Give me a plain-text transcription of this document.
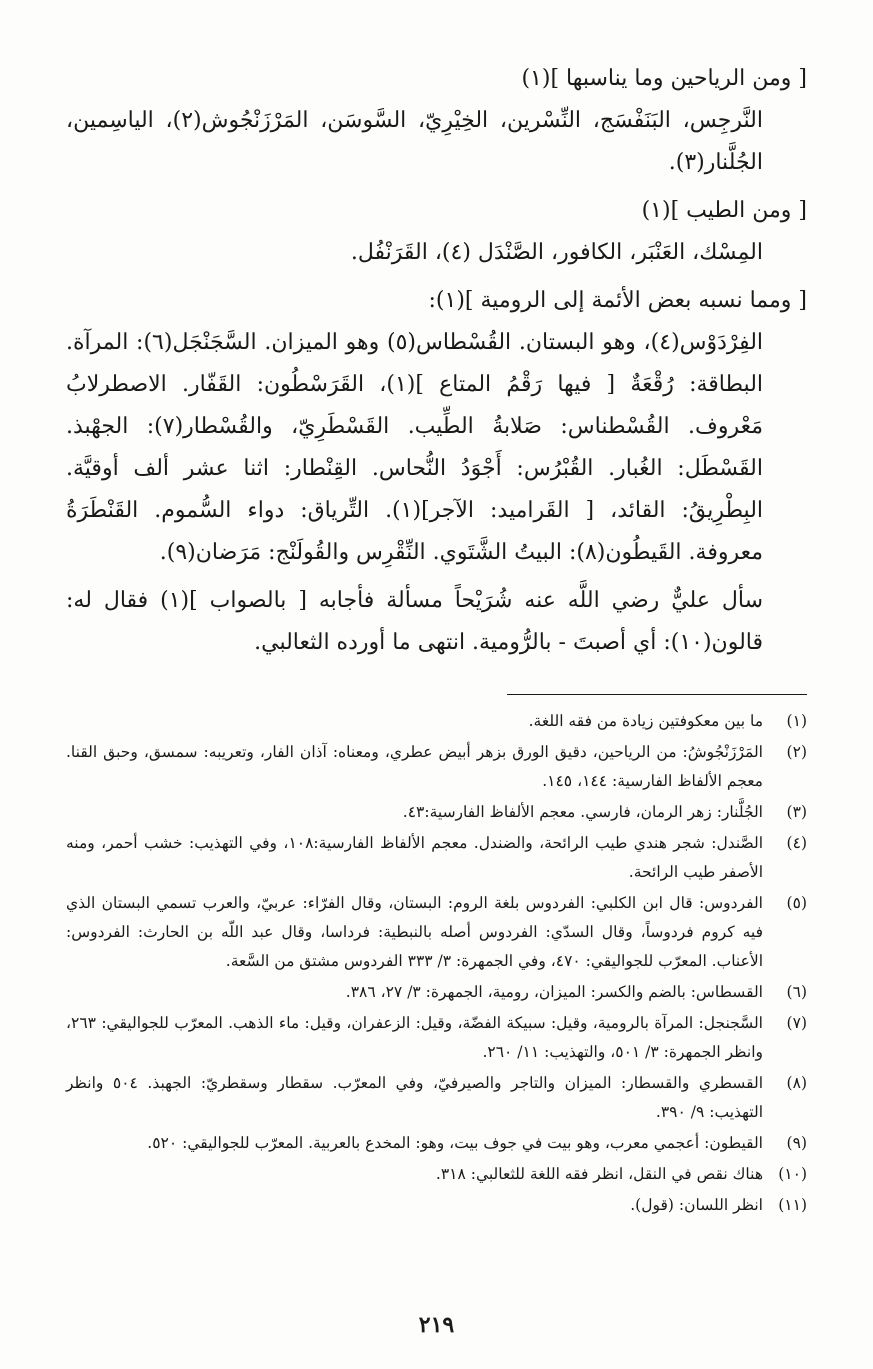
[ ومن الرياحين وما يناسبها ](١)

النَّرجِس، البَنَفْسَج، النِّسْرين، الخِيْرِيّ، السَّوسَن، المَرْزَنْجُوش(٢)، الياسِمين، الجُلَّنار(٣).

[ ومن الطيب ](١)

المِسْك، العَنْبَر، الكافور، الصَّنْدَل (٤)، القَرَنْفُل.

[ ومما نسبه بعض الأئمة إلى الرومية ](١):

الفِرْدَوْس(٤)، وهو البستان. القُسْطاس(٥) وهو الميزان. السَّجَنْجَل(٦): المرآة. البطاقة: رُقْعَةٌ [ فيها رَقْمُ المتاع ](١)، القَرَسْطُون: القَفّار. الاصطرلابُ مَعْروف. القُسْطناس: صَلابةُ الطِّيب. القَسْطَرِيّ، والقُسْطار(٧): الجهْبذ. القَسْطَل: الغُبار. القُبْرُس: أَجْوَدُ النُّحاس. القِنْطار: اثنا عشر ألف أوقيَّة. البِطْرِيقُ: القائد، [ القَراميد: الآجر](١). التِّرياق: دواء السُّموم. القَنْطَرَةُ معروفة. القَيطُون(٨): البيتُ الشَّتَوي. النِّقْرِس والقُولَنْج: مَرَضان(٩).

سأل عليٌّ رضي اللَّه عنه شُرَيْحاً مسألة فأجابه [ بالصواب ](١) فقال له: قالون(١٠): أي أصبتَ - بالرُّومية. انتهى ما أورده الثعالبي.

(١)
ما بين معكوفتين زيادة من فقه اللغة.
(٢)
المَرْزَنْجُوشُ: من الرياحين، دقيق الورق بزهر أبيض عطري، ومعناه: آذان الفار، وتعريبه: سمسق، وحبق القنا. معجم الألفاظ الفارسية: ١٤٤، ١٤٥.
(٣)
الجُلَّنار: زهر الرمان، فارسي. معجم الألفاظ الفارسية:٤٣.
(٤)
الصَّندل: شجر هندي طيب الرائحة، والضندل. معجم الألفاظ الفارسية:١٠٨، وفي التهذيب: خشب أحمر، ومنه الأصفر طيب الرائحة.
(٥)
الفردوس: قال ابن الكلبي: الفردوس بلغة الروم: البستان، وقال الفرّاء: عربيّ، والعرب تسمي البستان الذي فيه كروم فردوساً، وقال السدّي: الفردوس أصله بالنبطية: فرداسا، وقال عبد اللّه بن الحارث: الفردوس: الأعناب. المعرّب للجواليقي: ٤٧٠، وفي الجمهرة: ٣/ ٣٣٣ الفردوس مشتق من السَّعة.
(٦)
القسطاس: بالضم والكسر: الميزان، رومية، الجمهرة: ٣/ ٢٧، ٣٨٦.
(٧)
السَّجنجل: المرآة بالرومية، وقيل: سبيكة الفضّة، وقيل: الزعفران، وقيل: ماء الذهب. المعرّب للجواليقي: ٢٦٣، وانظر الجمهرة: ٣/ ٥٠١، والتهذيب: ١١/ ٢٦٠.
(٨)
القسطري والقسطار: الميزان والتاجر والصيرفيّ، وفي المعرّب. سقطار وسقطريّ: الجهبذ. ٥٠٤ وانظر التهذيب: ٩/ ٣٩٠.
(٩)
القيطون: أعجمي معرب، وهو بيت في جوف بيت، وهو: المخدع بالعربية. المعرّب للجواليقي: ٥٢٠.
(١٠)
هناك نقص في النقل، انظر فقه اللغة للثعالبي: ٣١٨.
(١١)
انظر اللسان: (قول).
٢١٩
